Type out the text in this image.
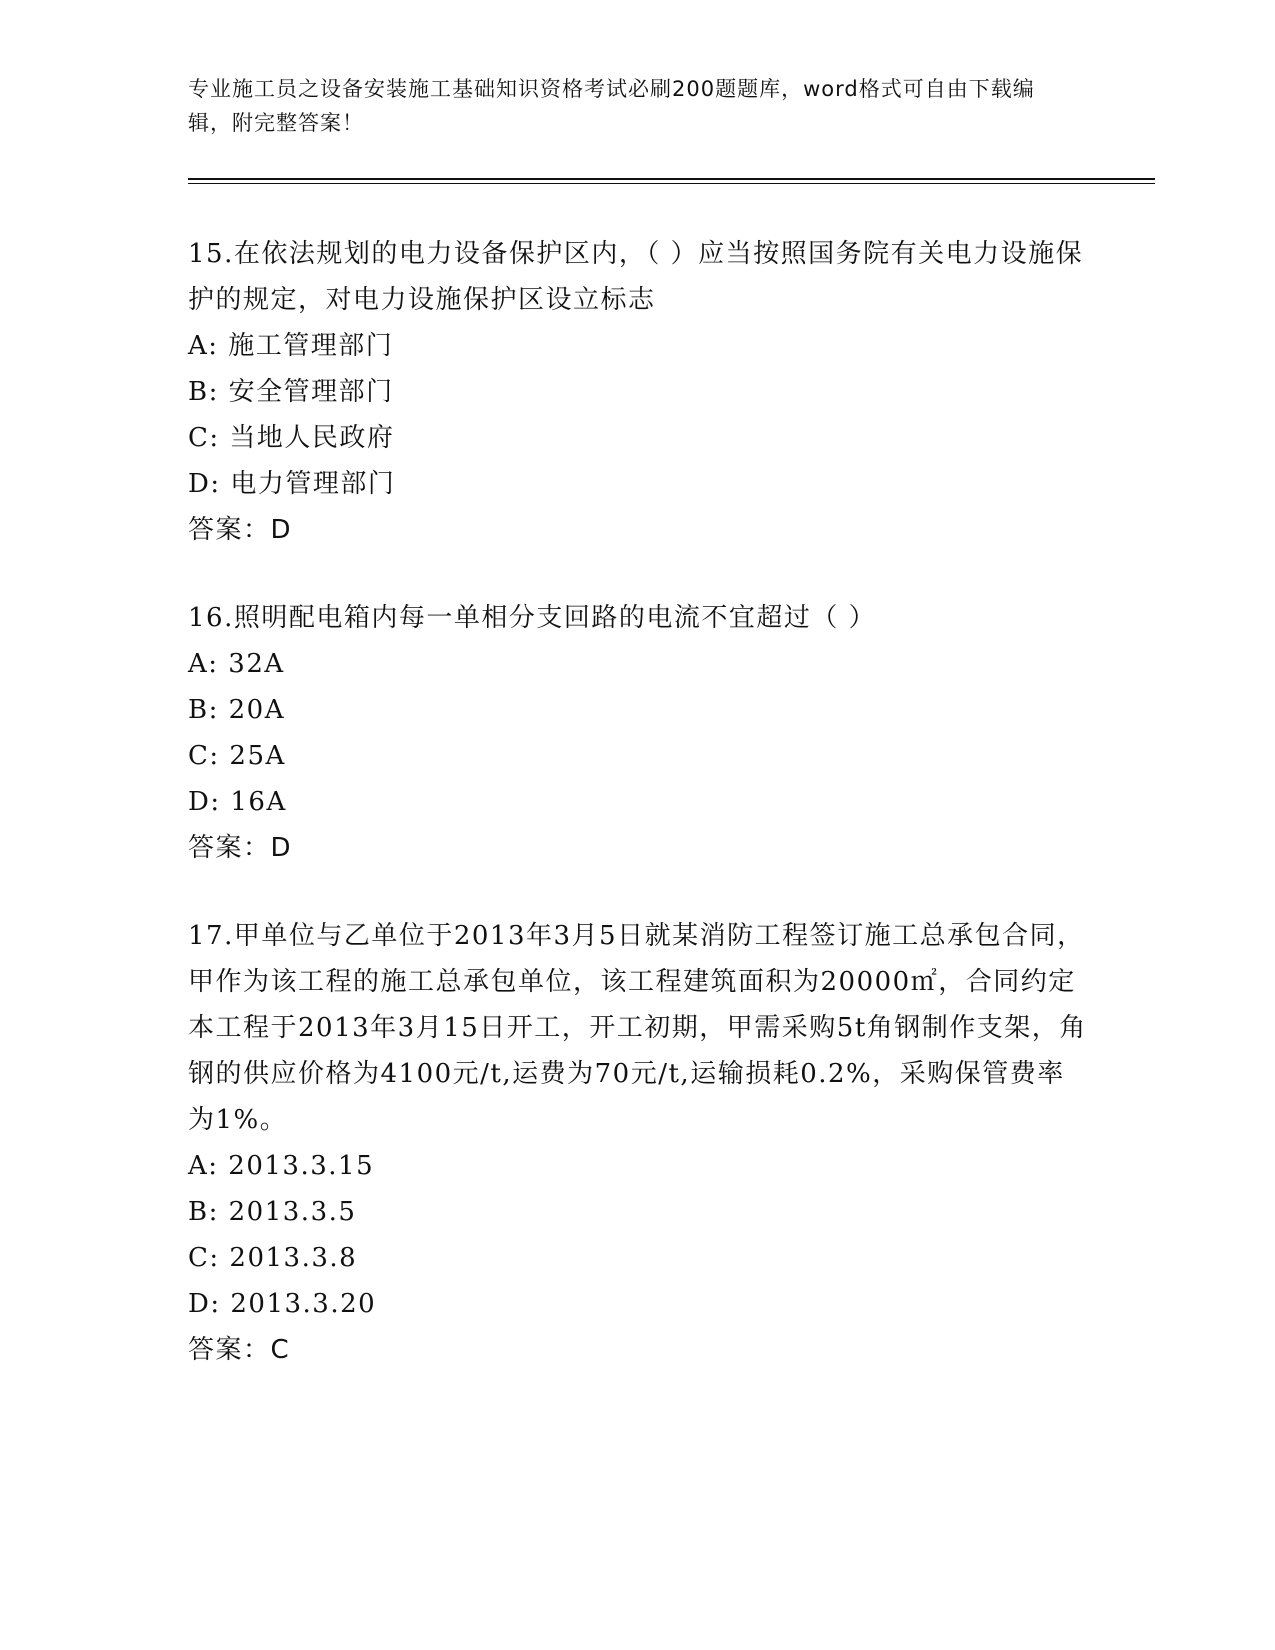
专业施工员之设备安装施工基础知识资格考试必刷200题题库，word格式可自由下载编辑，附完整答案！
15.在依法规划的电力设备保护区内，（ ）应当按照国务院有关电力设施保护的规定，对电力设施保护区设立标志
A: 施工管理部门
B: 安全管理部门
C: 当地人民政府
D: 电力管理部门
答案：D
16.照明配电箱内每一单相分支回路的电流不宜超过（ ）
A: 32A
B: 20A
C: 25A
D: 16A
答案：D
17.甲单位与乙单位于2013年3月5日就某消防工程签订施工总承包合同，甲作为该工程的施工总承包单位，该工程建筑面积为20000㎡，合同约定本工程于2013年3月15日开工，开工初期，甲需采购5t角钢制作支架，角钢的供应价格为4100元/t,运费为70元/t,运输损耗0.2%，采购保管费率为1%。
A: 2013.3.15
B: 2013.3.5
C: 2013.3.8
D: 2013.3.20
答案：C
